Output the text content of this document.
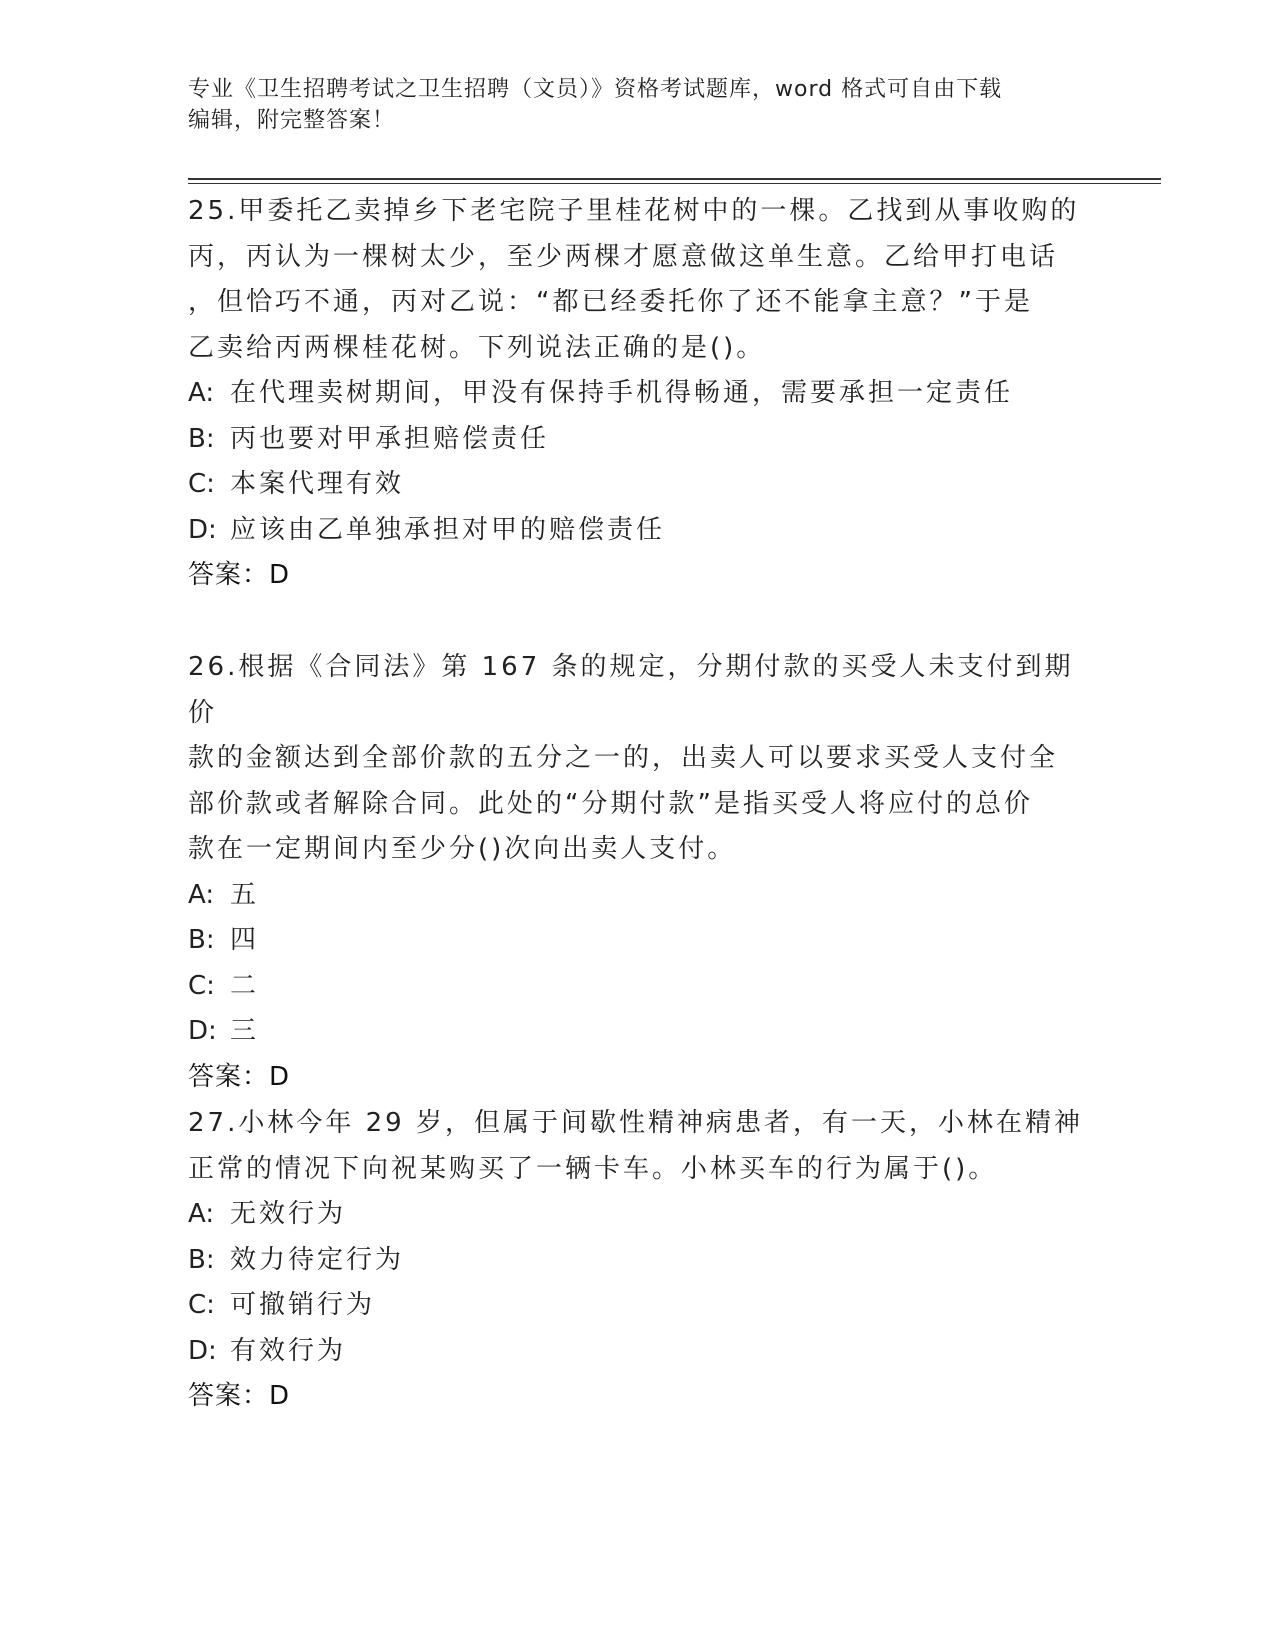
专业《卫生招聘考试之卫生招聘（文员）》资格考试题库，word 格式可自由下载
编辑，附完整答案！

25.甲委托乙卖掉乡下老宅院子里桂花树中的一棵。乙找到从事收购的

丙，丙认为一棵树太少，至少两棵才愿意做这单生意。乙给甲打电话

，但恰巧不通，丙对乙说：“都已经委托你了还不能拿主意？”于是

乙卖给丙两棵桂花树。下列说法正确的是()。

A: 在代理卖树期间，甲没有保持手机得畅通，需要承担一定责任

B: 丙也要对甲承担赔偿责任

C: 本案代理有效

D: 应该由乙单独承担对甲的赔偿责任

答案：D

26.根据《合同法》第 167 条的规定，分期付款的买受人未支付到期价

款的金额达到全部价款的五分之一的，出卖人可以要求买受人支付全

部价款或者解除合同。此处的“分期付款”是指买受人将应付的总价

款在一定期间内至少分()次向出卖人支付。

A: 五

B: 四

C: 二

D: 三

答案：D

27.小林今年 29 岁，但属于间歇性精神病患者，有一天，小林在精神

正常的情况下向祝某购买了一辆卡车。小林买车的行为属于()。

A: 无效行为

B: 效力待定行为

C: 可撤销行为

D: 有效行为

答案：D
